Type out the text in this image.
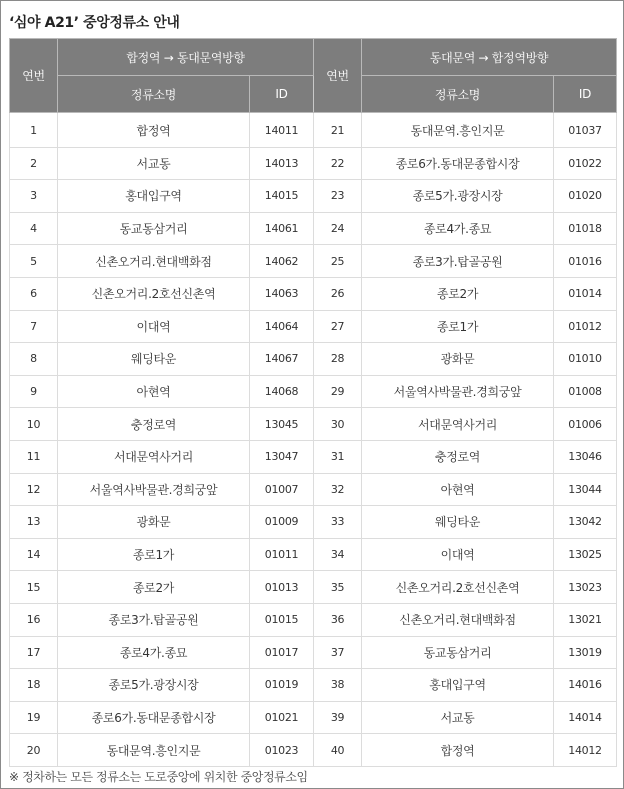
‘심야 A21’ 중앙정류소 안내
연번	합정역 → 동대문역방향		연번	동대문역 → 합정역방향	
	정류소명	ID		정류소명	ID
1	합정역	14011	21	동대문역.흥인지문	01037
2	서교동	14013	22	종로6가.동대문종합시장	01022
3	홍대입구역	14015	23	종로5가.광장시장	01020
4	동교동삼거리	14061	24	종로4가.종묘	01018
5	신촌오거리.현대백화점	14062	25	종로3가.탑골공원	01016
6	신촌오거리.2호선신촌역	14063	26	종로2가	01014
7	이대역	14064	27	종로1가	01012
8	웨딩타운	14067	28	광화문	01010
9	아현역	14068	29	서울역사박물관.경희궁앞	01008
10	충정로역	13045	30	서대문역사거리	01006
11	서대문역사거리	13047	31	충정로역	13046
12	서울역사박물관.경희궁앞	01007	32	아현역	13044
13	광화문	01009	33	웨딩타운	13042
14	종로1가	01011	34	이대역	13025
15	종로2가	01013	35	신촌오거리.2호선신촌역	13023
16	종로3가.탑골공원	01015	36	신촌오거리.현대백화점	13021
17	종로4가.종묘	01017	37	동교동삼거리	13019
18	종로5가.광장시장	01019	38	홍대입구역	14016
19	종로6가.동대문종합시장	01021	39	서교동	14014
20	동대문역.흥인지문	01023	40	합정역	14012
※ 정차하는 모든 정류소는 도로중앙에 위치한 중앙정류소임
